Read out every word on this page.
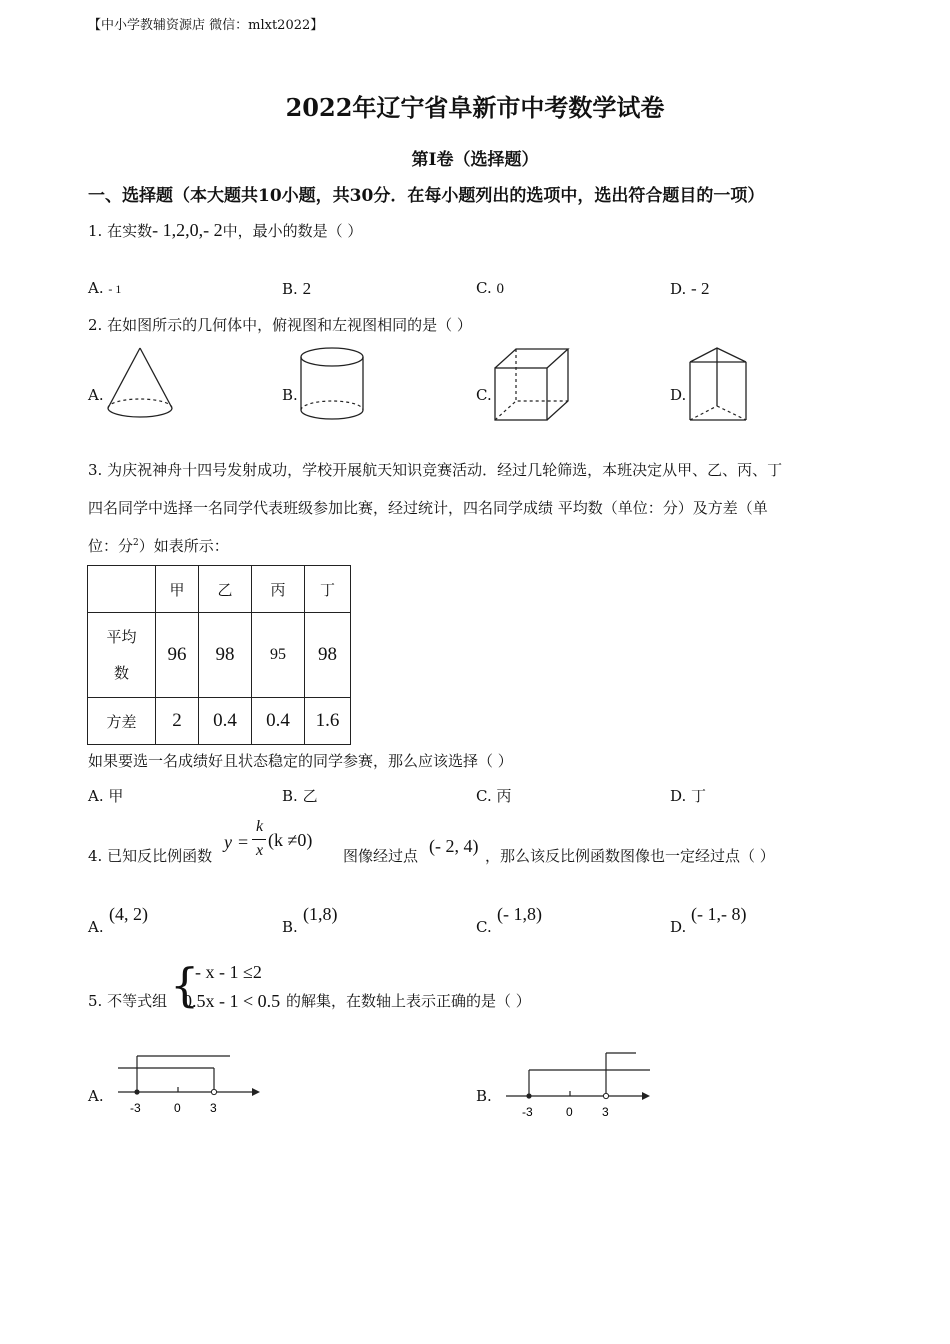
【中小学教辅资源店 微信：mlxt2022】
2022年辽宁省阜新市中考数学试卷
第I卷（选择题）
一、选择题（本大题共10小题，共30分．在每小题列出的选项中，选出符合题目的一项）
1. 在实数- 1,2,0,- 2中，最小的数是（ ）
A. - 1	B. 2	C. 0	D. - 2
2. 在如图所示的几何体中，俯视图和左视图相同的是（ ）
A.	B.	C.	D.
3. 为庆祝神舟十四号发射成功，学校开展航天知识竞赛活动．经过几轮筛选，本班决定从甲、乙、丙、丁
四名同学中选择一名同学代表班级参加比赛，经过统计，四名同学成绩 平均数（单位：分）及方差（单
位：分$^2$）如表所示：
	甲	乙	丙	丁
平均
数	96	98	95	98
方差	2	0.4	0.4	1.6
如果要选一名成绩好且状态稳定的同学参赛，那么应该选择（ ）
A. 甲	B. 乙	C. 丙	D. 丁
4. 已知反比例函数
y =
k
x
(k ≠0)
图像经过点 (- 2, 4) ，那么该反比例函数图像也一定经过点（ ）
A.
(4, 2)
B.
(1,8)
C.
(- 1,8)
D.
(- 1,- 8)
5. 不等式组 {
- x - 1 ≤2
0.5x - 1 < 0.5 的解集，在数轴上表示正确的是（ ）
A.
-3	0 3
B.
-3	0 3
